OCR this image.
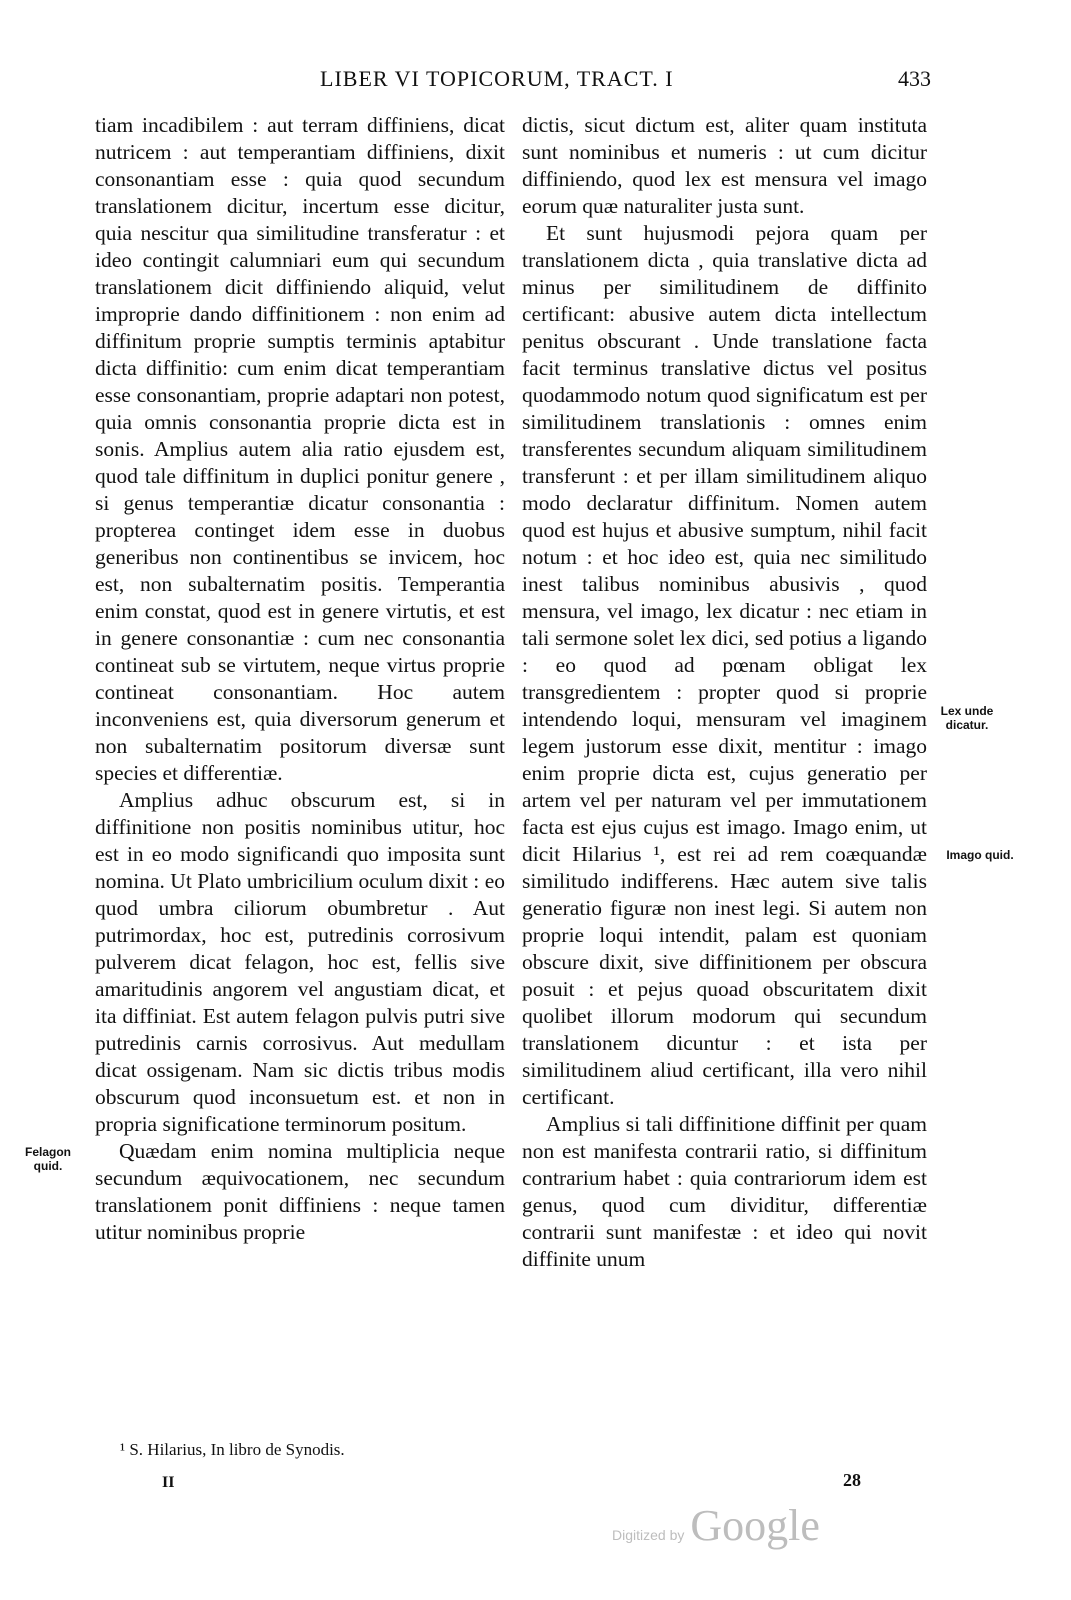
LIBER VI TOPICORUM, TRACT. I	433

tiam incadibilem : aut terram diffiniens, dicat nutricem : aut temperantiam diffiniens, dixit consonantiam esse : quia quod secundum translationem dicitur, incertum esse dicitur, quia nescitur qua similitudine transferatur : et ideo contingit calumniari eum qui secundum translationem dicit diffiniendo aliquid, velut improprie dando diffinitionem : non enim ad diffinitum proprie sumptis terminis aptabitur dicta diffinitio: cum enim dicat temperantiam esse consonantiam, proprie adaptari non potest, quia omnis consonantia proprie dicta est in sonis. Amplius autem alia ratio ejusdem est, quod tale diffinitum in duplici ponitur genere , si genus temperantiæ dicatur consonantia : propterea continget idem esse in duobus generibus non continentibus se invicem, hoc est, non subalternatim positis. Temperantia enim constat, quod est in genere virtutis, et est in genere consonantiæ : cum nec consonantia contineat sub se virtutem, neque virtus proprie contineat consonantiam. Hoc autem inconveniens est, quia diversorum generum et non subalternatim positorum diversæ sunt species et differentiæ.

Amplius adhuc obscurum est, si in diffinitione non positis nominibus utitur, hoc est in eo modo significandi quo imposita sunt nomina. Ut Plato umbricilium oculum dixit : eo quod umbra ciliorum obumbretur . Aut putrimordax, hoc est, putredinis corrosivum pulverem dicat felagon, hoc est, fellis sive amaritudinis angorem vel angustiam dicat, et ita diffiniat. Est autem felagon pulvis putri sive putredinis carnis corrosivus. Aut medullam dicat ossigenam. Nam sic dictis tribus modis obscurum quod inconsuetum est. et non in propria significatione terminorum positum.

Quædam enim nomina multiplicia neque secundum æquivocationem, nec secundum translationem ponit diffiniens : neque tamen utitur nominibus proprie

dictis, sicut dictum est, aliter quam instituta sunt nominibus et numeris : ut cum dicitur diffiniendo, quod lex est mensura vel imago eorum quæ naturaliter justa sunt.

Et sunt hujusmodi pejora quam per translationem dicta , quia translative dicta ad minus per similitudinem de diffinito certificant: abusive autem dicta intellectum penitus obscurant . Unde translatione facta facit terminus translative dictus vel positus quodammodo notum quod significatum est per similitudinem translationis : omnes enim transferentes secundum aliquam similitudinem transferunt : et per illam similitudinem aliquo modo declaratur diffinitum. Nomen autem quod est hujus et abusive sumptum, nihil facit notum : et hoc ideo est, quia nec similitudo inest talibus nominibus abusivis , quod mensura, vel imago, lex dicatur : nec etiam in tali sermone solet lex dici, sed potius a ligando : eo quod ad pœnam obligat lex transgredientem : propter quod si proprie intendendo loqui, mensuram vel imaginem legem justorum esse dixit, mentitur : imago enim proprie dicta est, cujus generatio per artem vel per naturam vel per immutationem facta est ejus cujus est imago. Imago enim, ut dicit Hilarius ¹, est rei ad rem coæquandæ similitudo indifferens. Hæc autem sive talis generatio figuræ non inest legi. Si autem non proprie loqui intendit, palam est quoniam obscure dixit, sive diffinitionem per obscura posuit : et pejus quoad obscuritatem dixit quolibet illorum modorum qui secundum translationem dicuntur : et ista per similitudinem aliud certificant, illa vero nihil certificant.

Amplius si tali diffinitione diffinit per quam non est manifesta contrarii ratio, si diffinitum contrarium habet : quia contrariorum idem est genus, quod cum dividitur, differentiæ contrarii sunt manifestæ : et ideo qui novit diffinite unum

Lex unde dicatur.
Imago quid.
Felagon quid.
¹ S. Hilarius, In libro de Synodis.
II	28
Digitized by Google
